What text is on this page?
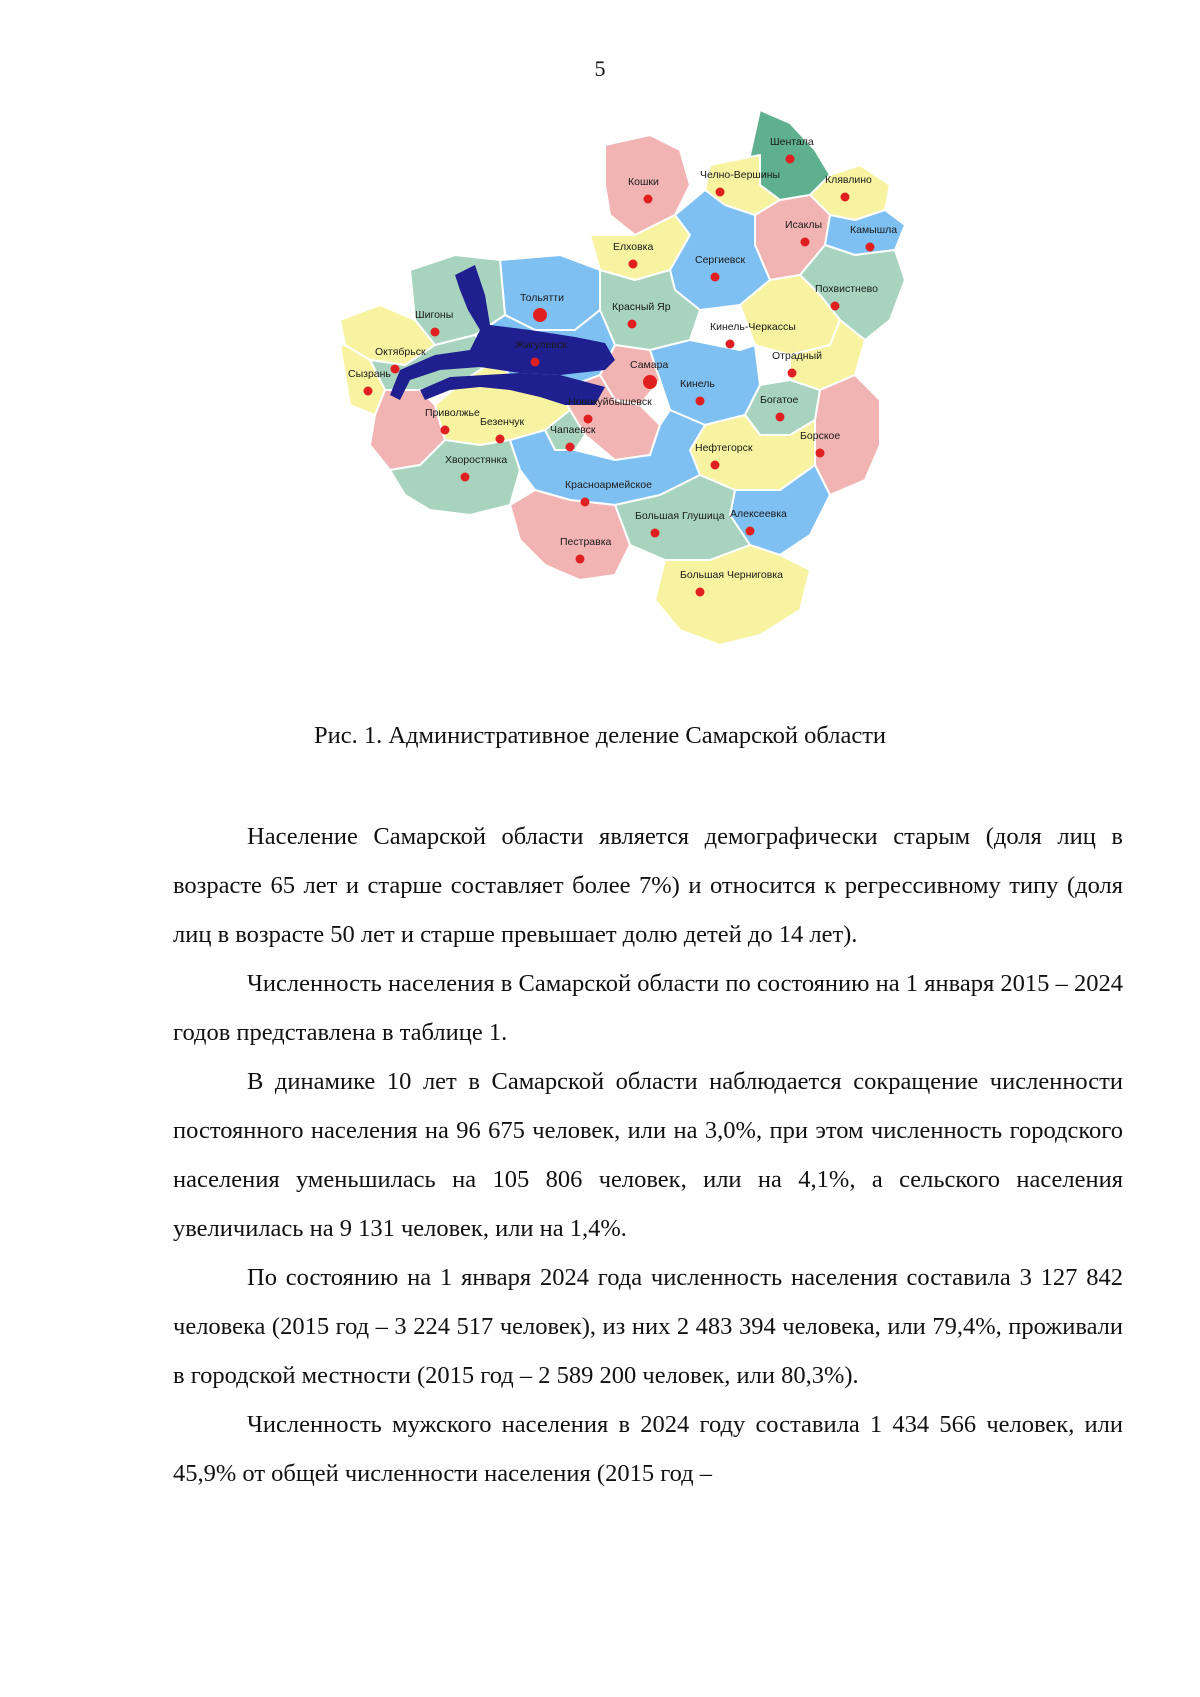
5
Шентала
Челно-Вершины	Клявлино
Кошки
Исаклы	Камышла
Елховка
Сергиевск
Похвистнево
Тольятти
Красный Яр
Шигоны
Кинель-Черкассы
Жигулевск
Октябрьск	Отрадный
Самара
Сызрань
Кинель
Новокуйбышевск	Богатое
Приволжье
Безенчук
Чапаевск	Борское
Нефтегорск
Хворостянка
Красноармейское
Алексеевка
Большая Глушица
Пестравка
Большая Черниговка
Рис. 1. Административное деление Самарской области

Население Самарской области является демографически старым (доля лиц в возрасте 65 лет и старше составляет более 7%) и относится к регрессивному типу (доля лиц в возрасте 50 лет и старше превышает долю детей до 14 лет).

Численность населения в Самарской области по состоянию на 1 января 2015 – 2024 годов представлена в таблице 1.

В динамике 10 лет в Самарской области наблюдается сокращение численности постоянного населения на 96 675 человек, или на 3,0%, при этом численность городского населения уменьшилась на 105 806 человек, или на 4,1%, а сельского населения увеличилась на 9 131 человек, или на 1,4%.

По состоянию на 1 января 2024 года численность населения составила 3 127 842 человека (2015 год – 3 224 517 человек), из них 2 483 394 человека, или 79,4%, проживали в городской местности (2015 год – 2 589 200 человек, или 80,3%).

Численность мужского населения в 2024 году составила 1 434 566 человек, или 45,9% от общей численности населения (2015 год –
